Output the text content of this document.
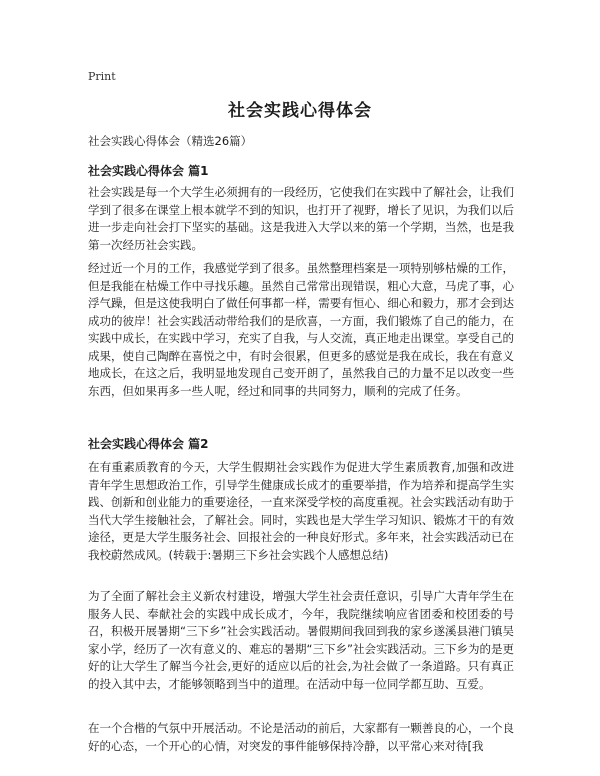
Print
社会实践心得体会

社会实践心得体会（精选26篇）

社会实践心得体会 篇1

社会实践是每一个大学生必须拥有的一段经历，它使我们在实践中了解社会，让我们学到了很多在课堂上根本就学不到的知识，也打开了视野，增长了见识，为我们以后进一步走向社会打下坚实的基础。这是我进入大学以来的第一个学期，当然，也是我第一次经历社会实践。

经过近一个月的工作，我感觉学到了很多。虽然整理档案是一项特别够枯燥的工作，但是我能在枯燥工作中寻找乐趣。虽然自己常常出现错误，粗心大意，马虎了事，心浮气躁，但是这使我明白了做任何事都一样，需要有恒心、细心和毅力，那才会到达成功的彼岸！社会实践活动带给我们的是欣喜，一方面，我们锻炼了自己的能力，在实践中成长，在实践中学习，充实了自我，与人交流，真正地走出课堂。享受自己的成果，使自己陶醉在喜悦之中，有时会很累，但更多的感觉是我在成长，我在有意义地成长，在这之后，我明显地发现自己变开朗了，虽然我自己的力量不足以改变一些东西，但如果再多一些人呢，经过和同事的共同努力，顺利的完成了任务。

社会实践心得体会 篇2

在有重素质教育的今天，大学生假期社会实践作为促进大学生素质教育,加强和改进青年学生思想政治工作，引导学生健康成长成才的重要举措，作为培养和提高学生实践、创新和创业能力的重要途径，一直来深受学校的高度重视。社会实践活动有助于当代大学生接触社会，了解社会。同时，实践也是大学生学习知识、锻炼才干的有效途径，更是大学生服务社会、回报社会的一种良好形式。多年来，社会实践活动已在我校蔚然成风。(转载于:暑期三下乡社会实践个人感想总结)

为了全面了解社会主义新农村建设，增强大学生社会责任意识，引导广大青年学生在服务人民、奉献社会的实践中成长成才，今年，我院继续响应省团委和校团委的号召，积极开展暑期“三下乡”社会实践活动。暑假期间我回到我的家乡遂溪县港门镇吴家小学，经历了一次有意义的、难忘的暑期“三下乡”社会实践活动。三下乡为的是更好的让大学生了解当今社会,更好的适应以后的社会,为社会做了一条道路。只有真正的投入其中去，才能够领略到当中的道理。在活动中每一位同学都互助、互爱。

在一个合楷的气氛中开展活动。不论是活动的前后，大家都有一颗善良的心，一个良好的心态，一个开心的心情，对突发的事件能够保持冷静，以平常心来对待[我
